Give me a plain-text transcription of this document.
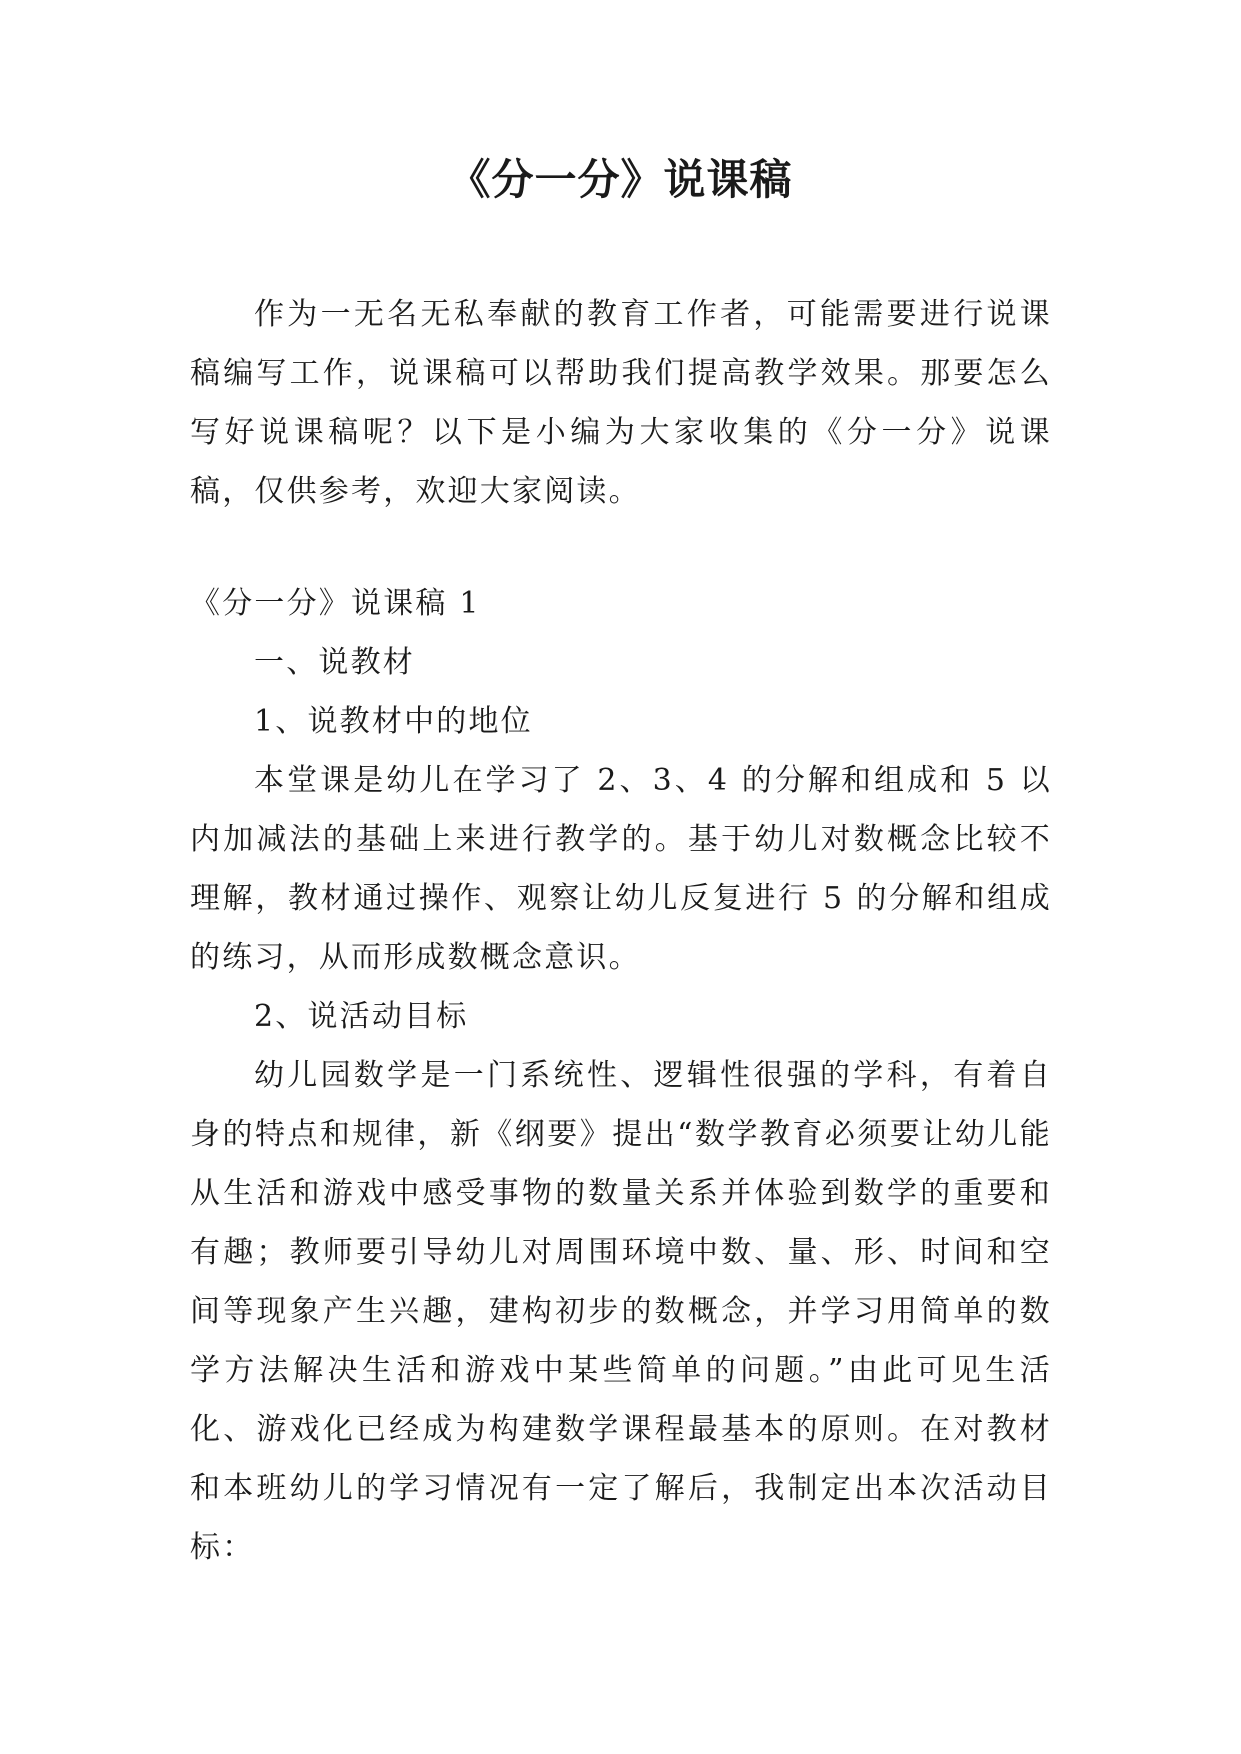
《分一分》说课稿

作为一无名无私奉献的教育工作者，可能需要进行说课稿编写工作，说课稿可以帮助我们提高教学效果。那要怎么写好说课稿呢？以下是小编为大家收集的《分一分》说课稿，仅供参考，欢迎大家阅读。

《分一分》说课稿 1

一、说教材

1、说教材中的地位

本堂课是幼儿在学习了 2、3、4 的分解和组成和 5 以内加减法的基础上来进行教学的。基于幼儿对数概念比较不理解，教材通过操作、观察让幼儿反复进行 5 的分解和组成的练习，从而形成数概念意识。

2、说活动目标

幼儿园数学是一门系统性、逻辑性很强的学科，有着自身的特点和规律，新《纲要》提出“数学教育必须要让幼儿能从生活和游戏中感受事物的数量关系并体验到数学的重要和有趣；教师要引导幼儿对周围环境中数、量、形、时间和空间等现象产生兴趣，建构初步的数概念，并学习用简单的数学方法解决生活和游戏中某些简单的问题。”由此可见生活化、游戏化已经成为构建数学课程最基本的原则。在对教材和本班幼儿的学习情况有一定了解后，我制定出本次活动目标：
